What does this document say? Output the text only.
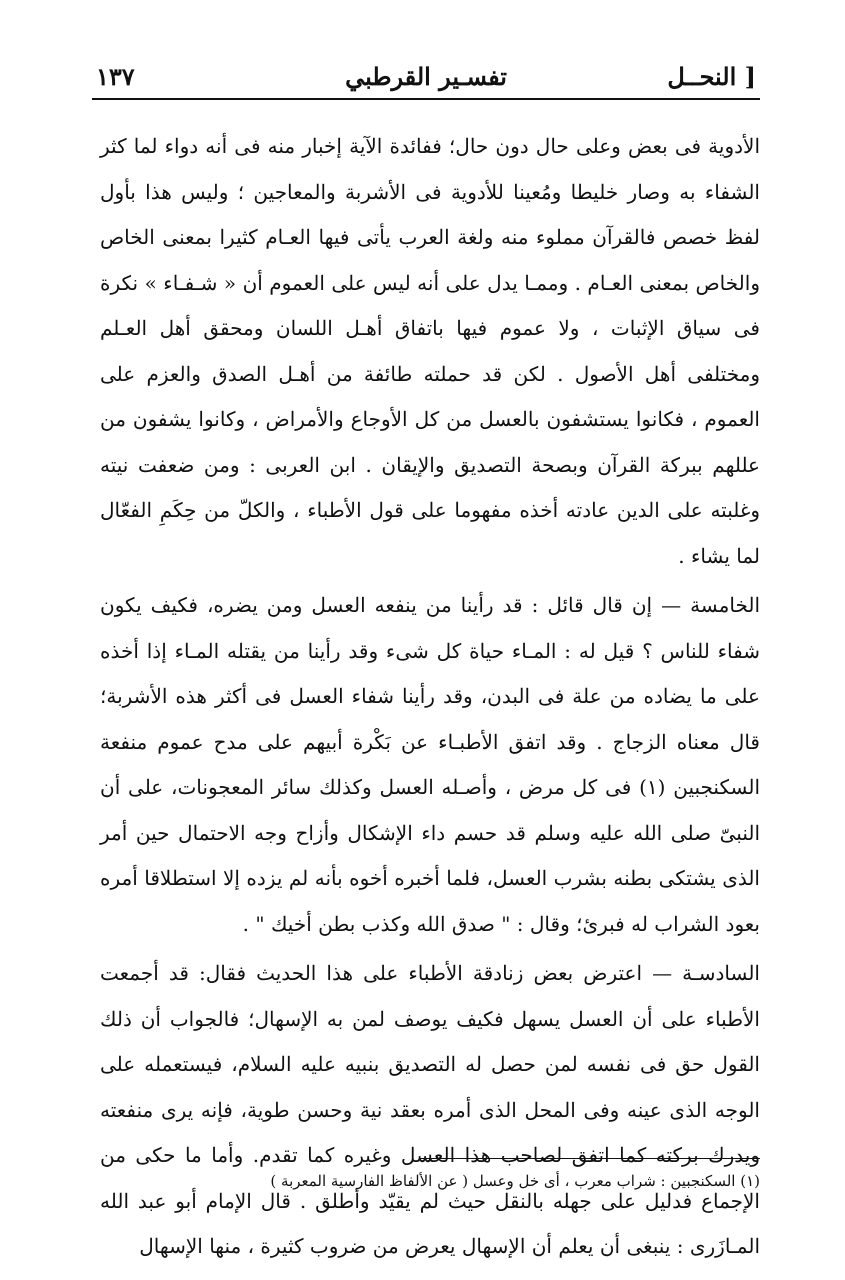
١٣٧	تفسـير القرطبي	النحــل ]

الأدوية فى بعض وعلى حال دون حال؛ ففائدة الآية إخبار منه فى أنه دواء لما كثر الشفاء به وصار خليطا ومُعينا للأدوية فى الأشربة والمعاجين ؛ وليس هذا بأول لفظ خصص فالقرآن مملوء منه ولغة العرب يأتى فيها العـام كثيرا بمعنى الخاص والخاص بمعنى العـام . وممـا يدل على أنه ليس على العموم أن « شـفـاء » نكرة فى سياق الإثبات ، ولا عموم فيها باتفاق أهـل اللسان ومحقق أهل العـلم ومختلفى أهل الأصول . لكن قد حملته طائفة من أهـل الصدق والعزم على العموم ، فكانوا يستشفون بالعسل من كل الأوجاع والأمراض ، وكانوا يشفون من عللهم ببركة القرآن وبصحة التصديق والإيقان . ابن العربى : ومن ضعفت نيته وغلبته على الدين عادته أخذه مفهوما على قول الأطباء ، والكلّ من حِكَمِ الفعّال لما يشاء .

الخامسة — إن قال قائل : قد رأينا من ينفعه العسل ومن يضره، فكيف يكون شفاء للناس ؟ قيل له : المـاء حياة كل شىء وقد رأينا من يقتله المـاء إذا أخذه على ما يضاده من علة فى البدن، وقد رأينا شفاء العسل فى أكثر هذه الأشربة؛ قال معناه الزجاج . وقد اتفق الأطبـاء عن بَكْرة أبيهم على مدح عموم منفعة السكنجبين (١) فى كل مرض ، وأصـله العسل وكذلك سائر المعجونات، على أن النبىّ صلى الله عليه وسلم قد حسم داء الإشكال وأزاح وجه الاحتمال حين أمر الذى يشتكى بطنه بشرب العسل، فلما أخبره أخوه بأنه لم يزده إلا استطلاقا أمره بعود الشراب له فبرئ؛ وقال : " صدق الله وكذب بطن أخيك " .

السادسـة — اعترض بعض زنادقة الأطباء على هذا الحديث فقال: قد أجمعت الأطباء على أن العسل يسهل فكيف يوصف لمن به الإسهال؛ فالجواب أن ذلك القول حق فى نفسه لمن حصل له التصديق بنبيه عليه السلام، فيستعمله على الوجه الذى عينه وفى المحل الذى أمره بعقد نية وحسن طوية، فإنه يرى منفعته ويدرك بركته كما اتفق لصاحب هذا العسل وغيره كما تقدم. وأما ما حكى من الإجماع فدليل على جهله بالنقل حيث لم يقيّد وأطلق . قال الإمام أبو عبد الله المـازَرى : ينبغى أن يعلم أن الإسهال يعرض من ضروب كثيرة ، منها الإسهال

(١) السكنجبين : شراب معرب ، أى خل وعسل ( عن الألفاظ الفارسية المعربة )
